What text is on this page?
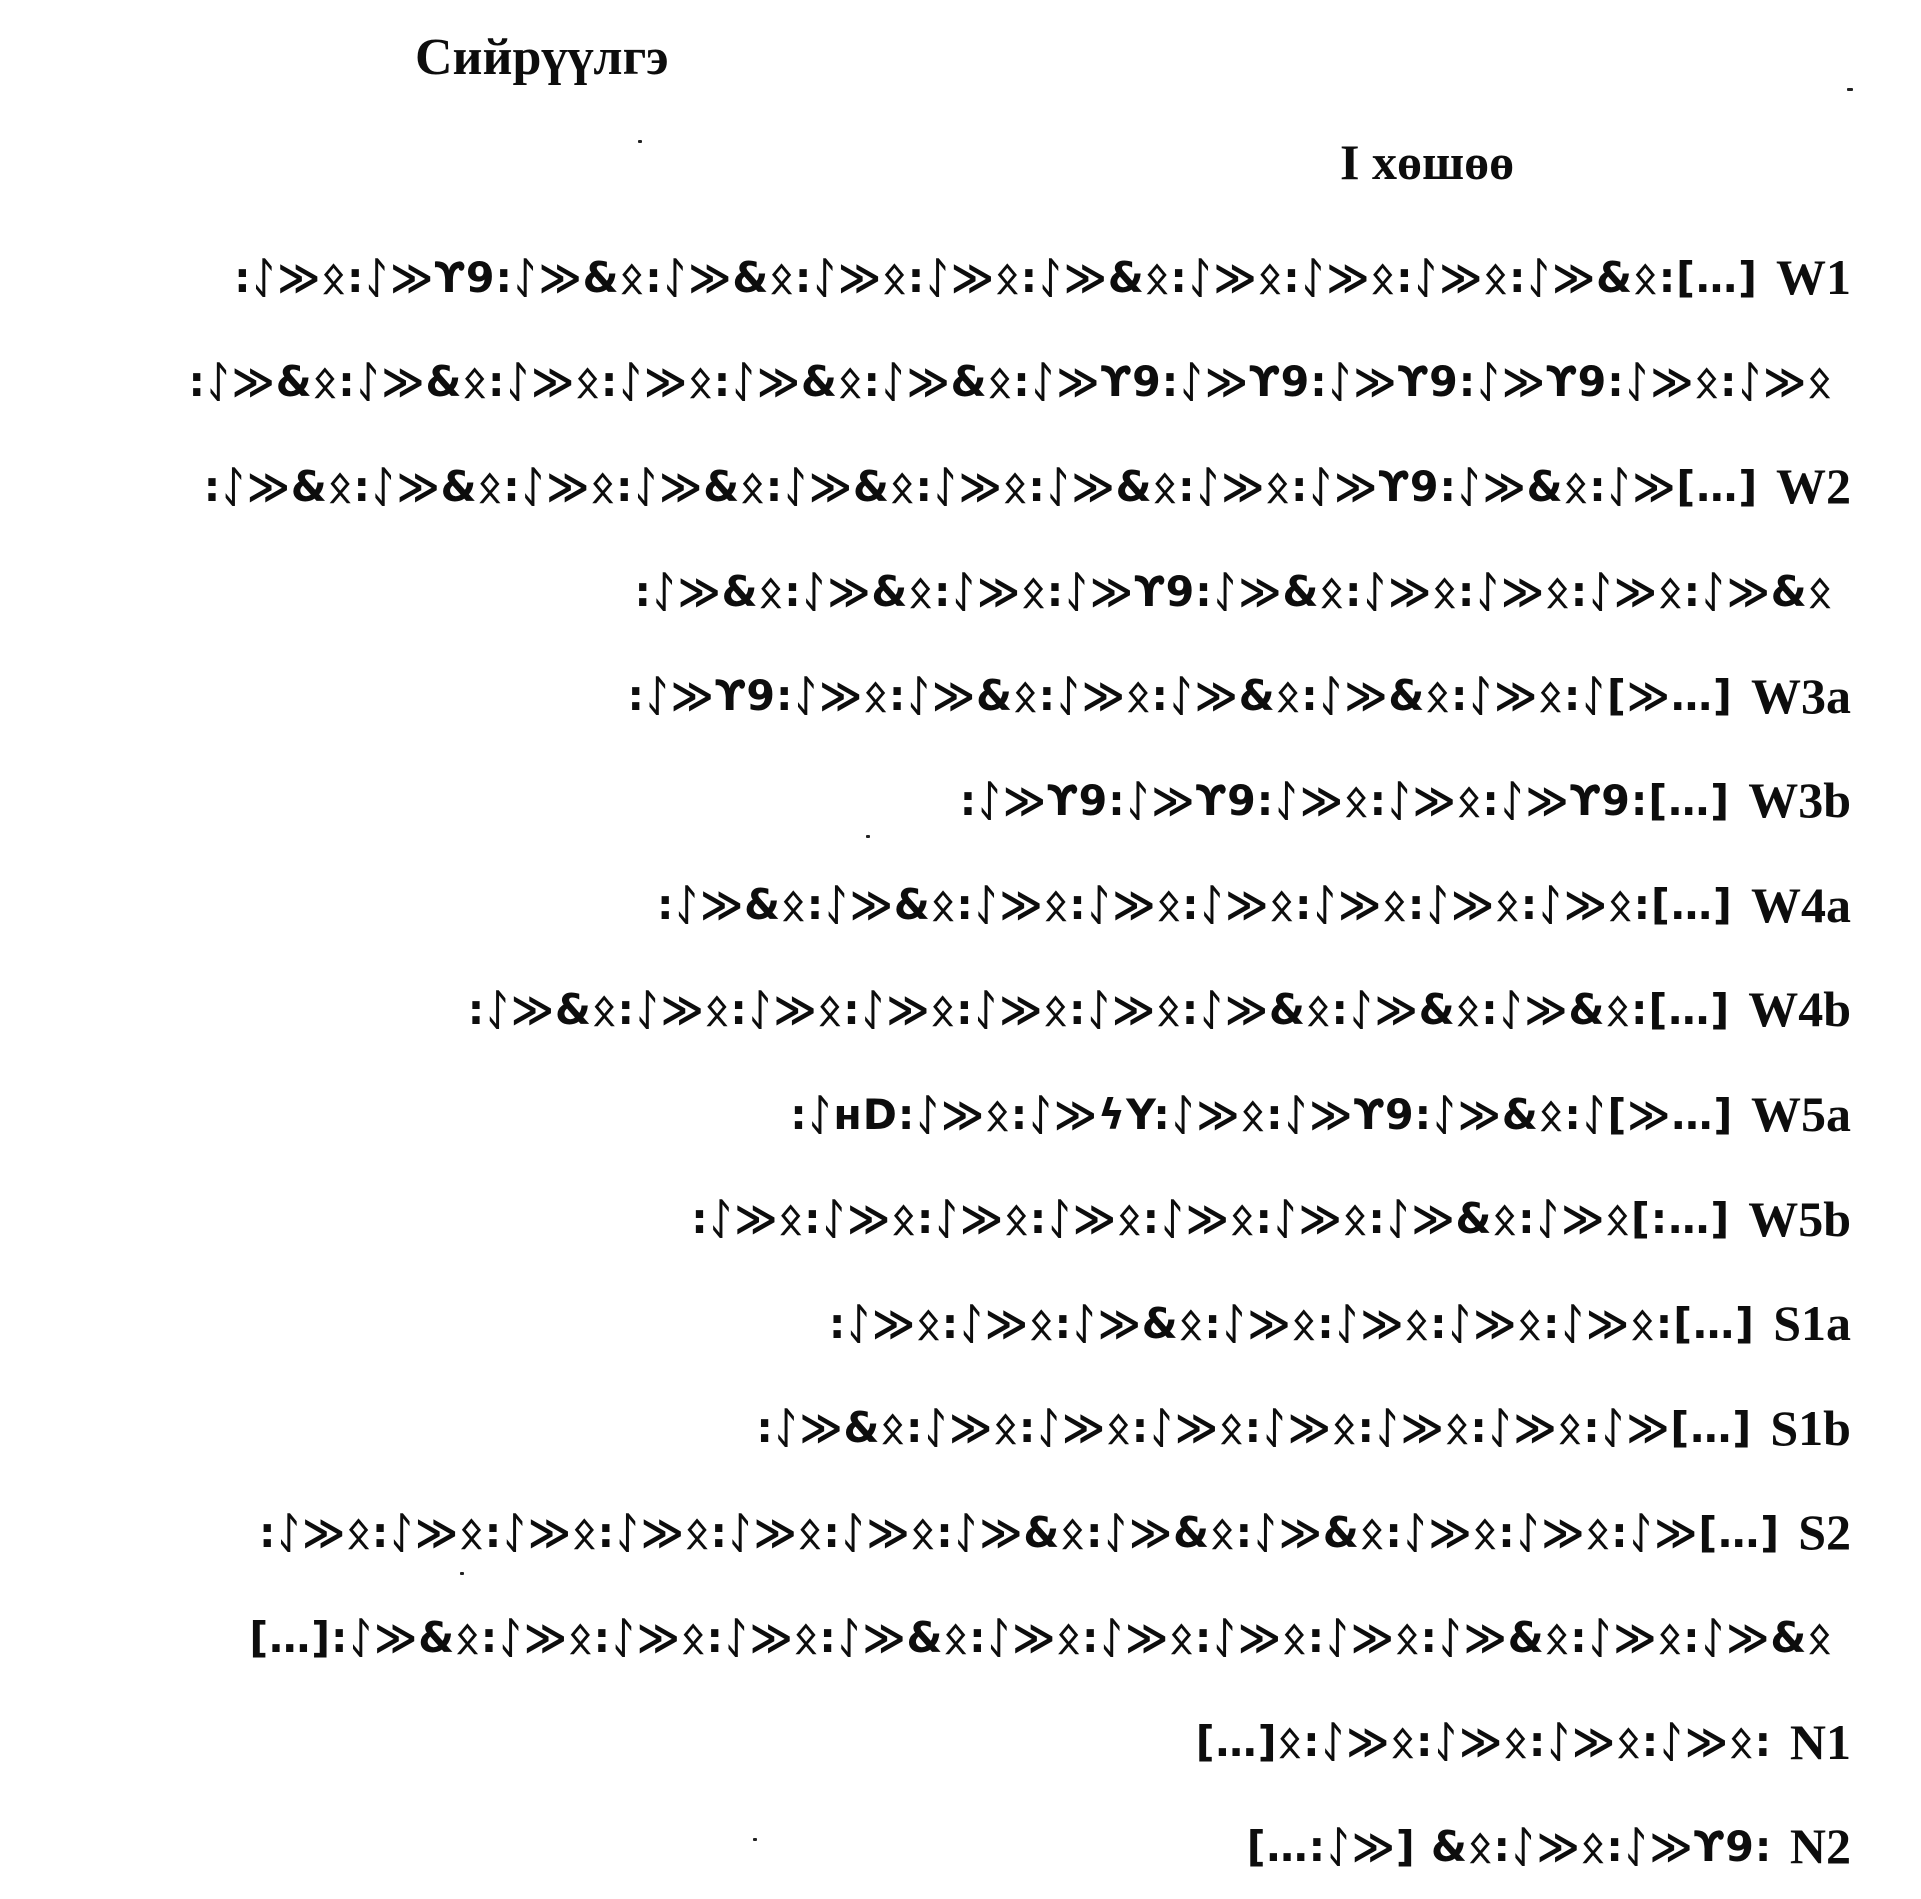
Сийрүүлгэ
I хөшөө
:ᛇ≫ᛟ:ᛇ≫ϒ9:ᛇ≫&ᛟ:ᛇ≫&ᛟ:ᛇ≫ᛟ:ᛇ≫ᛟ:ᛇ≫&ᛟ:ᛇ≫ᛟ:ᛇ≫ᛟ:ᛇ≫ᛟ:ᛇ≫&ᛟ:[…] W1
:ᛇ≫&ᛟ:ᛇ≫&ᛟ:ᛇ≫ᛟ:ᛇ≫ᛟ:ᛇ≫&ᛟ:ᛇ≫&ᛟ:ᛇ≫ϒ9:ᛇ≫ϒ9:ᛇ≫ϒ9:ᛇ≫ϒ9:ᛇ≫ᛟ:ᛇ≫ᛟ
:ᛇ≫&ᛟ:ᛇ≫&ᛟ:ᛇ≫ᛟ:ᛇ≫&ᛟ:ᛇ≫&ᛟ:ᛇ≫ᛟ:ᛇ≫&ᛟ:ᛇ≫ᛟ:ᛇ≫ϒ9:ᛇ≫&ᛟ:ᛇ≫[…] W2
:ᛇ≫&ᛟ:ᛇ≫&ᛟ:ᛇ≫ᛟ:ᛇ≫ϒ9:ᛇ≫&ᛟ:ᛇ≫ᛟ:ᛇ≫ᛟ:ᛇ≫ᛟ:ᛇ≫&ᛟ
:ᛇ≫ϒ9:ᛇ≫ᛟ:ᛇ≫&ᛟ:ᛇ≫ᛟ:ᛇ≫&ᛟ:ᛇ≫&ᛟ:ᛇ≫ᛟ:ᛇ[≫…] W3a
:ᛇ≫ϒ9:ᛇ≫ϒ9:ᛇ≫ᛟ:ᛇ≫ᛟ:ᛇ≫ϒ9:[…] W3b
:ᛇ≫&ᛟ:ᛇ≫&ᛟ:ᛇ≫ᛟ:ᛇ≫ᛟ:ᛇ≫ᛟ:ᛇ≫ᛟ:ᛇ≫ᛟ:ᛇ≫ᛟ:[…] W4a
:ᛇ≫&ᛟ:ᛇ≫ᛟ:ᛇ≫ᛟ:ᛇ≫ᛟ:ᛇ≫ᛟ:ᛇ≫ᛟ:ᛇ≫&ᛟ:ᛇ≫&ᛟ:ᛇ≫&ᛟ:[…] W4b
:ᛇнD:ᛇ≫ᛟ:ᛇ≫ϟY:ᛇ≫ᛟ:ᛇ≫ϒ9:ᛇ≫&ᛟ:ᛇ[≫…] W5a
:ᛇ≫ᛟ:ᛇ≫ᛟ:ᛇ≫ᛟ:ᛇ≫ᛟ:ᛇ≫ᛟ:ᛇ≫ᛟ:ᛇ≫&ᛟ:ᛇ≫ᛟ[:…] W5b
:ᛇ≫ᛟ:ᛇ≫ᛟ:ᛇ≫&ᛟ:ᛇ≫ᛟ:ᛇ≫ᛟ:ᛇ≫ᛟ:ᛇ≫ᛟ:[…] S1a
:ᛇ≫&ᛟ:ᛇ≫ᛟ:ᛇ≫ᛟ:ᛇ≫ᛟ:ᛇ≫ᛟ:ᛇ≫ᛟ:ᛇ≫ᛟ:ᛇ≫[…] S1b
:ᛇ≫ᛟ:ᛇ≫ᛟ:ᛇ≫ᛟ:ᛇ≫ᛟ:ᛇ≫ᛟ:ᛇ≫ᛟ:ᛇ≫&ᛟ:ᛇ≫&ᛟ:ᛇ≫&ᛟ:ᛇ≫ᛟ:ᛇ≫ᛟ:ᛇ≫[…] S2
[…]:ᛇ≫&ᛟ:ᛇ≫ᛟ:ᛇ≫ᛟ:ᛇ≫ᛟ:ᛇ≫&ᛟ:ᛇ≫ᛟ:ᛇ≫ᛟ:ᛇ≫ᛟ:ᛇ≫ᛟ:ᛇ≫&ᛟ:ᛇ≫ᛟ:ᛇ≫&ᛟ
[…]ᛟ:ᛇ≫ᛟ:ᛇ≫ᛟ:ᛇ≫ᛟ:ᛇ≫ᛟ: N1
[…:ᛇ≫] &ᛟ:ᛇ≫ᛟ:ᛇ≫ϒ9: N2
